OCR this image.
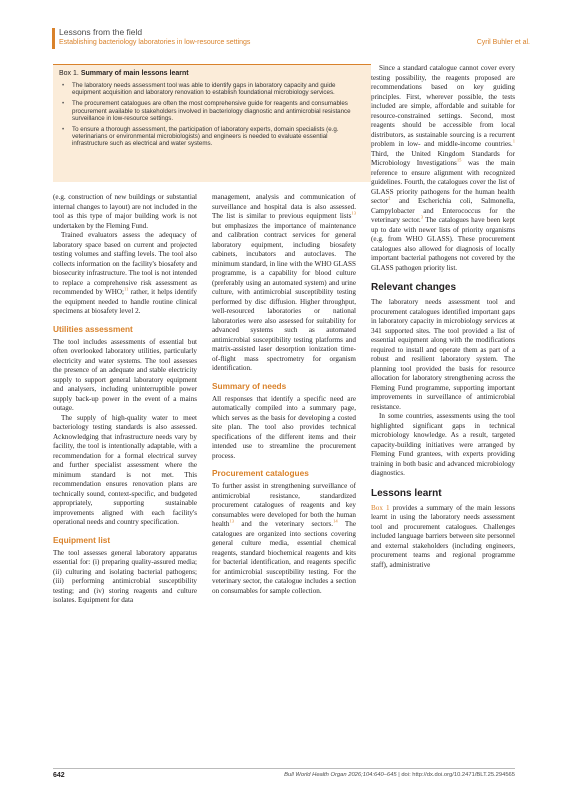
Lessons from the field
Establishing bacteriology laboratories in low-resource settings	Cyril Buhler et al.
Box 1. Summary of main lessons learnt
• The laboratory needs assessment tool was able to identify gaps in laboratory capacity and guide equipment acquisition and laboratory renovation to establish foundational microbiology services.
• The procurement catalogues are often the most comprehensive guide for reagents and consumables procurement available to stakeholders involved in bacteriology diagnostic and antimicrobial resistance surveillance in low-resource settings.
• To ensure a thorough assessment, the participation of laboratory experts, domain specialists (e.g. veterinarians or environmental microbiologists) and engineers is needed to evaluate essential infrastructure such as electrical and water systems.

(e.g. construction of new buildings or substantial internal changes to layout) are not included in the tool as this type of major building work is not undertaken by the Fleming Fund.

Trained evaluators assess the adequacy of laboratory space based on current and projected testing volumes and staffing levels. The tool also collects information on the facility's biosafety and biosecurity infrastructure. The tool is not intended to replace a comprehensive risk assessment as recommended by WHO;$^{11}$ rather, it helps identify the equipment needed to handle routine clinical specimens at biosafety level 2.

Utilities assessment

The tool includes assessments of essential but often overlooked laboratory utilities, particularly electricity and water systems. The tool assesses the presence of an adequate and stable electricity supply to support general laboratory equipment and analysers, including uninterruptible power supply back-up power in the event of a mains outage.

The supply of high-quality water to meet bacteriology testing standards is also assessed. Acknowledging that infrastructure needs vary by facility, the tool is intentionally adaptable, with a recommendation for a formal electrical survey and further specialist assessment where the minimum standard is not met. This recommendation ensures renovation plans are technically sound, context-specific, and budgeted appropriately, supporting sustainable improvements aligned with each facility's operational needs and country specification.

Equipment list

The tool assesses general laboratory apparatus essential for: (i) preparing quality-assured media; (ii) culturing and isolating bacterial pathogens; (iii) performing antimicrobial susceptibility testing; and (iv) storing reagents and culture isolates. Equipment for data

management, analysis and communication of surveillance and hospital data is also assessed. The list is similar to previous equipment lists$^{13}$ but emphasizes the importance of maintenance and calibration contract services for general laboratory equipment, including biosafety cabinets, incubators and autoclaves. The minimum standard, in line with the WHO GLASS programme, is a capability for blood culture (preferably using an automated system) and urine culture, with antimicrobial susceptibility testing performed by disc diffusion. Higher throughput, well-resourced laboratories or national laboratories were also assessed for suitability for advanced systems such as automated antimicrobial susceptibility testing platforms and matrix-assisted laser desorption ionization time-of-flight mass spectrometry for organism identification.

Summary of needs

All responses that identify a specific need are automatically compiled into a summary page, which serves as the basis for developing a costed site plan. The tool also provides technical specifications of the different items and their intended use to streamline the procurement process.

Procurement catalogues

To further assist in strengthening surveillance of antimicrobial resistance, standardized procurement catalogues of reagents and key consumables were developed for both the human health$^{13}$ and the veterinary sectors.$^{14}$ The catalogues are organized into sections covering general culture media, essential chemical reagents, standard biochemical reagents and kits for bacterial identification, and reagents specific for antimicrobial susceptibility testing. For the veterinary sector, the catalogue includes a section on consumables for sample collection.

Since a standard catalogue cannot cover every testing possibility, the reagents proposed are recommendations based on key guiding principles. First, wherever possible, the tests included are simple, affordable and suitable for resource-constrained settings. Second, most reagents should be accessible from local distributors, as sustainable sourcing is a recurrent problem in low- and middle-income countries.$^1$ Third, the United Kingdom Standards for Microbiology Investigations$^{15}$ was the main reference to ensure alignment with recognized guidelines. Fourth, the catalogues cover the list of GLASS priority pathogens for the human health sector$^2$ and Escherichia coli, Salmonella, Campylobacter and Enterococcus for the veterinary sector.$^3$ The catalogues have been kept up to date with newer lists of priority organisms (e.g. from WHO GLASS). These procurement catalogues also allowed for diagnosis of locally important bacterial pathogens not covered by the GLASS pathogen priority list.

Relevant changes

The laboratory needs assessment tool and procurement catalogues identified important gaps in laboratory capacity in microbiology services at 341 supported sites. The tool provided a list of essential equipment along with the modifications required to install and operate them as part of a robust and resilient laboratory system. The planning tool provided the basis for resource allocation for laboratory strengthening across the Fleming Fund programme, supporting important improvements in surveillance of antimicrobial resistance.

In some countries, assessments using the tool highlighted significant gaps in technical microbiology knowledge. As a result, targeted capacity-building initiatives were arranged by Fleming Fund grantees, with experts providing training in both basic and advanced microbiology diagnostics.

Lessons learnt

Box 1 provides a summary of the main lessons learnt in using the laboratory needs assessment tool and procurement catalogues. Challenges included language barriers between site personnel and external stakeholders (including engineers, procurement teams and regional programme staff), administrative

642	Bull World Health Organ 2026;104:640–645 | doi: http://dx.doi.org/10.2471/BLT.25.294565
